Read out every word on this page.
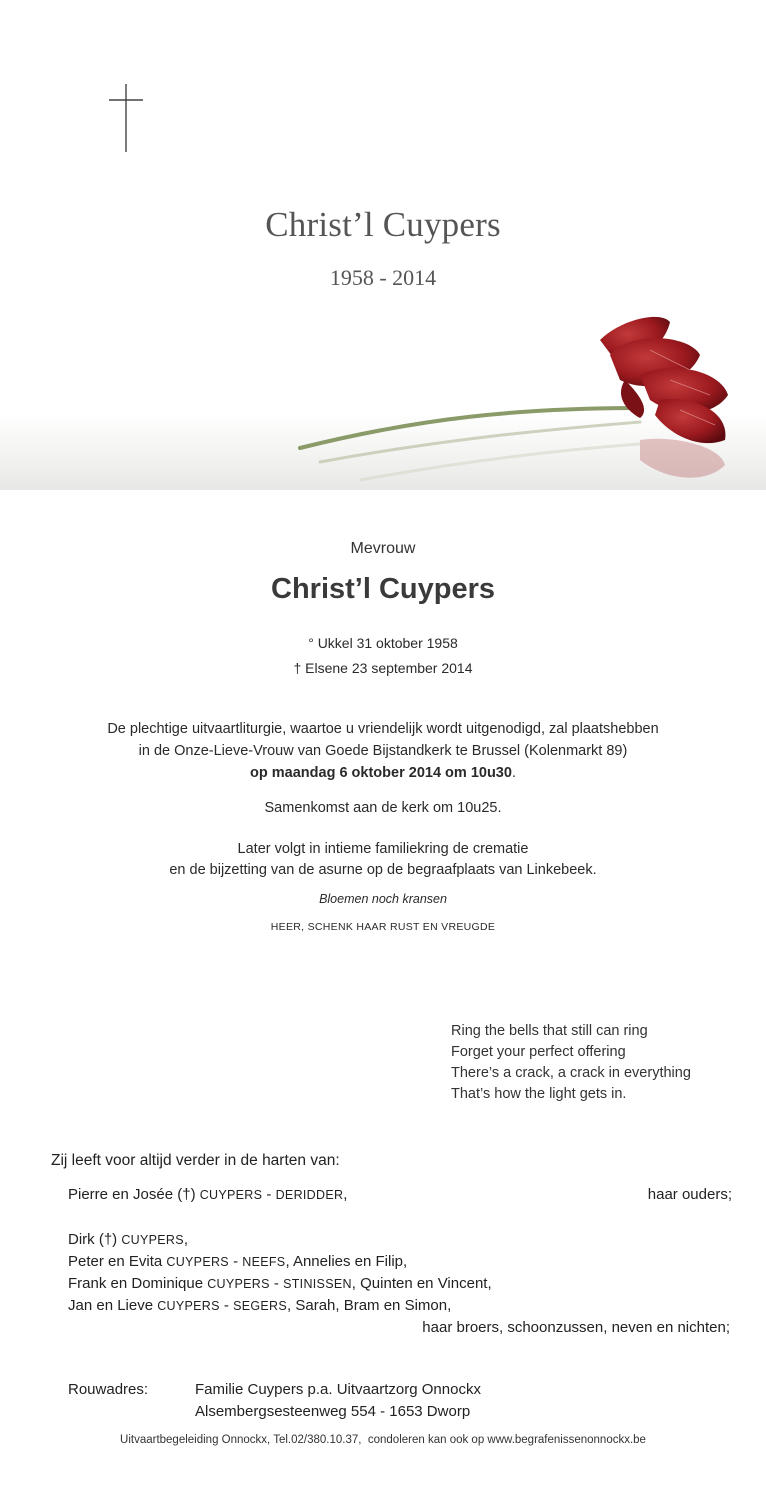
Christ’l Cuypers
1958 - 2014
Mevrouw
Christ’l Cuypers
° Ukkel 31 oktober 1958
† Elsene 23 september 2014
De plechtige uitvaartliturgie, waartoe u vriendelijk wordt uitgenodigd, zal plaatshebben
in de Onze-Lieve-Vrouw van Goede Bijstandkerk te Brussel (Kolenmarkt 89)
op maandag 6 oktober 2014 om 10u30.
Samenkomst aan de kerk om 10u25.
Later volgt in intieme familiekring de crematie
en de bijzetting van de asurne op de begraafplaats van Linkebeek.
Bloemen noch kransen
HEER, SCHENK HAAR RUST EN VREUGDE
Ring the bells that still can ring
Forget your perfect offering
There’s a crack, a crack in everything
That’s how the light gets in.
Zij leeft voor altijd verder in de harten van:
Pierre en Josée (†) CUYPERS - DERIDDER,	haar ouders;
Dirk (†) CUYPERS,
Peter en Evita CUYPERS - NEEFS, Annelies en Filip,
Frank en Dominique CUYPERS - STINISSEN, Quinten en Vincent,
Jan en Lieve CUYPERS - SEGERS, Sarah, Bram en Simon,
haar broers, schoonzussen, neven en nichten;
Rouwadres:	Familie Cuypers p.a. Uitvaartzorg Onnockx
Alsembergsesteenweg 554 - 1653 Dworp
Uitvaartbegeleiding Onnockx, Tel.02/380.10.37,  condoleren kan ook op www.begrafenissenonnockx.be
